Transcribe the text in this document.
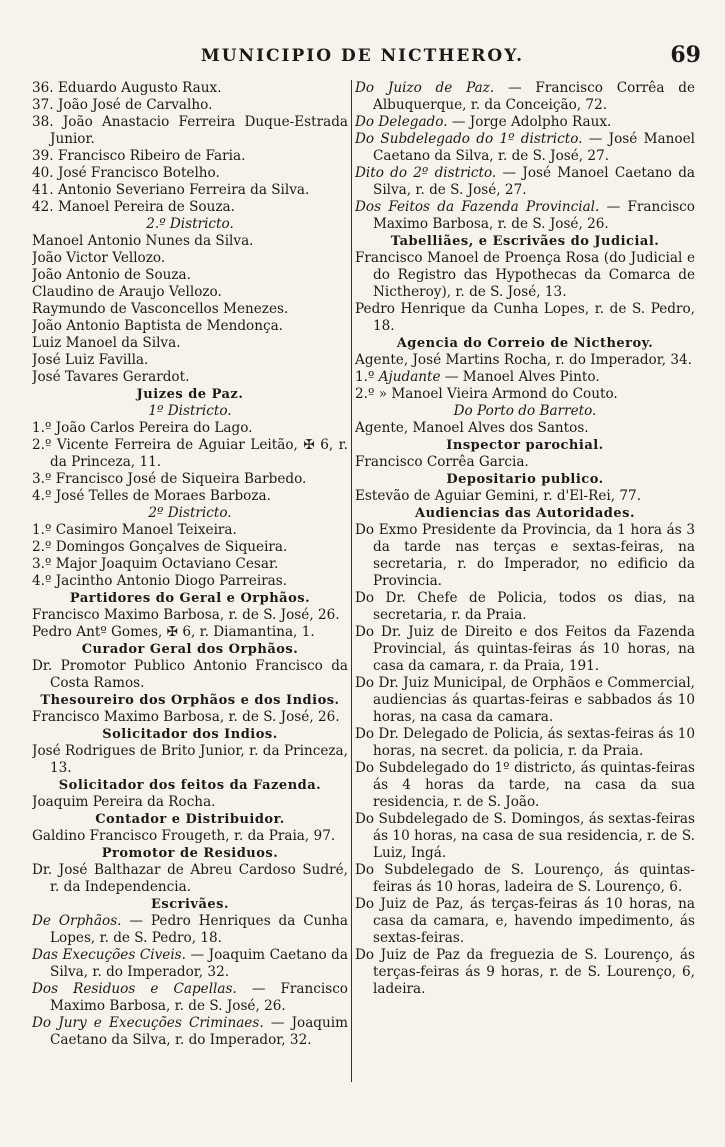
MUNICIPIO DE NICTHEROY.	69
36. Eduardo Augusto Raux.
37. João José de Carvalho.
38. João Anastacio Ferreira Duque-Estrada Junior.
39. Francisco Ribeiro de Faria.
40. José Francisco Botelho.
41. Antonio Severiano Ferreira da Silva.
42. Manoel Pereira de Souza.
2.º Districto.
Manoel Antonio Nunes da Silva.
João Victor Vellozo.
João Antonio de Souza.
Claudino de Araujo Vellozo.
Raymundo de Vasconcellos Menezes.
João Antonio Baptista de Mendonça.
Luiz Manoel da Silva.
José Luiz Favilla.
José Tavares Gerardot.
Juizes de Paz.
1º Districto.
1.º João Carlos Pereira do Lago.
2.º Vicente Ferreira de Aguiar Leitão, ✠ 6, r. da Princeza, 11.
3.º Francisco José de Siqueira Barbedo.
4.º José Telles de Moraes Barboza.
2º Districto.
1.º Casimiro Manoel Teixeira.
2.º Domingos Gonçalves de Siqueira.
3.º Major Joaquim Octaviano Cesar.
4.º Jacintho Antonio Diogo Parreiras.
Partidores do Geral e Orphãos.
Francisco Maximo Barbosa, r. de S. José, 26.
Pedro Antº Gomes, ✠ 6, r. Diamantina, 1.
Curador Geral dos Orphãos.
Dr. Promotor Publico Antonio Francisco da Costa Ramos.
Thesoureiro dos Orphãos e dos Indios.
Francisco Maximo Barbosa, r. de S. José, 26.
Solicitador dos Indios.
José Rodrigues de Brito Junior, r. da Princeza, 13.
Solicitador dos feitos da Fazenda.
Joaquim Pereira da Rocha.
Contador e Distribuidor.
Galdino Francisco Frougeth, r. da Praia, 97.
Promotor de Residuos.
Dr. José Balthazar de Abreu Cardoso Sudré, r. da Independencia.
Escrivães.
De Orphãos. — Pedro Henriques da Cunha Lopes, r. de S. Pedro, 18.
Das Execuções Civeis. — Joaquim Caetano da Silva, r. do Imperador, 32.
Dos Residuos e Capellas. — Francisco Maximo Barbosa, r. de S. José, 26.
Do Jury e Execuções Criminaes. — Joaquim Caetano da Silva, r. do Imperador, 32.
Do Juizo de Paz. — Francisco Corrêa de Albuquerque, r. da Conceição, 72.
Do Delegado. — Jorge Adolpho Raux.
Do Subdelegado do 1º districto. — José Manoel Caetano da Silva, r. de S. José, 27.
Dito do 2º districto. — José Manoel Caetano da Silva, r. de S. José, 27.
Dos Feitos da Fazenda Provincial. — Francisco Maximo Barbosa, r. de S. José, 26.
Tabelliães, e Escrivães do Judicial.
Francisco Manoel de Proença Rosa (do Judicial e do Registro das Hypothecas da Comarca de Nictheroy), r. de S. José, 13.
Pedro Henrique da Cunha Lopes, r. de S. Pedro, 18.
Agencia do Correio de Nictheroy.
Agente, José Martins Rocha, r. do Imperador, 34.
1.º Ajudante — Manoel Alves Pinto.
2.º » Manoel Vieira Armond do Couto.
Do Porto do Barreto.
Agente, Manoel Alves dos Santos.
Inspector parochial.
Francisco Corrêa Garcia.
Depositario publico.
Estevão de Aguiar Gemini, r. d'El-Rei, 77.
Audiencias das Autoridades.
Do Exmo Presidente da Provincia, da 1 hora ás 3 da tarde nas terças e sextas-feiras, na secretaria, r. do Imperador, no edificio da Provincia.
Do Dr. Chefe de Policia, todos os dias, na secretaria, r. da Praia.
Do Dr. Juiz de Direito e dos Feitos da Fazenda Provincial, ás quintas-feiras ás 10 horas, na casa da camara, r. da Praia, 191.
Do Dr. Juiz Municipal, de Orphãos e Commercial, audiencias ás quartas-feiras e sabbados ás 10 horas, na casa da camara.
Do Dr. Delegado de Policia, ás sextas-feiras ás 10 horas, na secret. da policia, r. da Praia.
Do Subdelegado do 1º districto, ás quintas-feiras ás 4 horas da tarde, na casa da sua residencia, r. de S. João.
Do Subdelegado de S. Domingos, ás sextas-feiras ás 10 horas, na casa de sua residencia, r. de S. Luiz, Ingá.
Do Subdelegado de S. Lourenço, ás quintas-feiras ás 10 horas, ladeira de S. Lourenço, 6.
Do Juiz de Paz, ás terças-feiras ás 10 horas, na casa da camara, e, havendo impedimento, ás sextas-feiras.
Do Juiz de Paz da freguezia de S. Lourenço, ás terças-feiras ás 9 horas, r. de S. Lourenço, 6, ladeira.
